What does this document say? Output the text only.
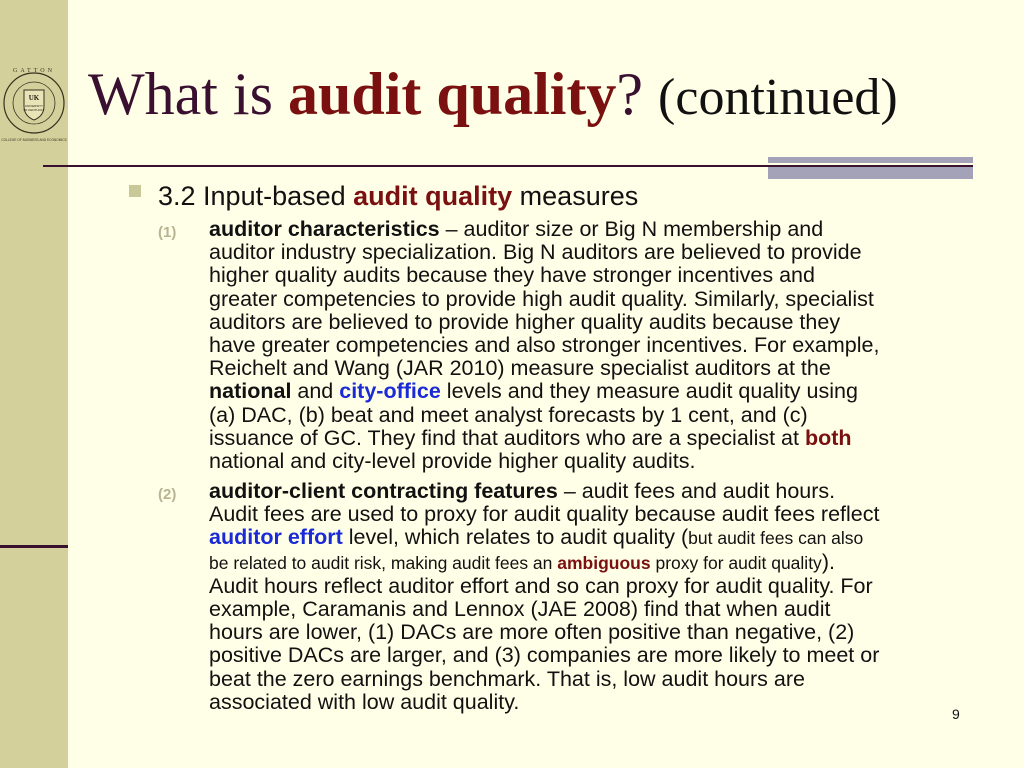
UK
UNIVERSITY
OF KENTUCKY
GATTON
COLLEGE OF BUSINESS AND ECONOMICS
What is audit quality? (continued)
3.2 Input-based audit quality measures
(1) auditor characteristics – auditor size or Big N membership and
auditor industry specialization. Big N auditors are believed to provide
higher quality audits because they have stronger incentives and
greater competencies to provide high audit quality. Similarly, specialist
auditors are believed to provide higher quality audits because they
have greater competencies and also stronger incentives. For example,
Reichelt and Wang (JAR 2010) measure specialist auditors at the
national and city-office levels and they measure audit quality using
(a) DAC, (b) beat and meet analyst forecasts by 1 cent, and (c)
issuance of GC. They find that auditors who are a specialist at both
national and city-level provide higher quality audits.
(2) auditor-client contracting features – audit fees and audit hours.
Audit fees are used to proxy for audit quality because audit fees reflect
auditor effort level, which relates to audit quality (but audit fees can also
be related to audit risk, making audit fees an ambiguous proxy for audit quality).
Audit hours reflect auditor effort and so can proxy for audit quality. For
example, Caramanis and Lennox (JAE 2008) find that when audit
hours are lower, (1) DACs are more often positive than negative, (2)
positive DACs are larger, and (3) companies are more likely to meet or
beat the zero earnings benchmark. That is, low audit hours are
associated with low audit quality.
9
